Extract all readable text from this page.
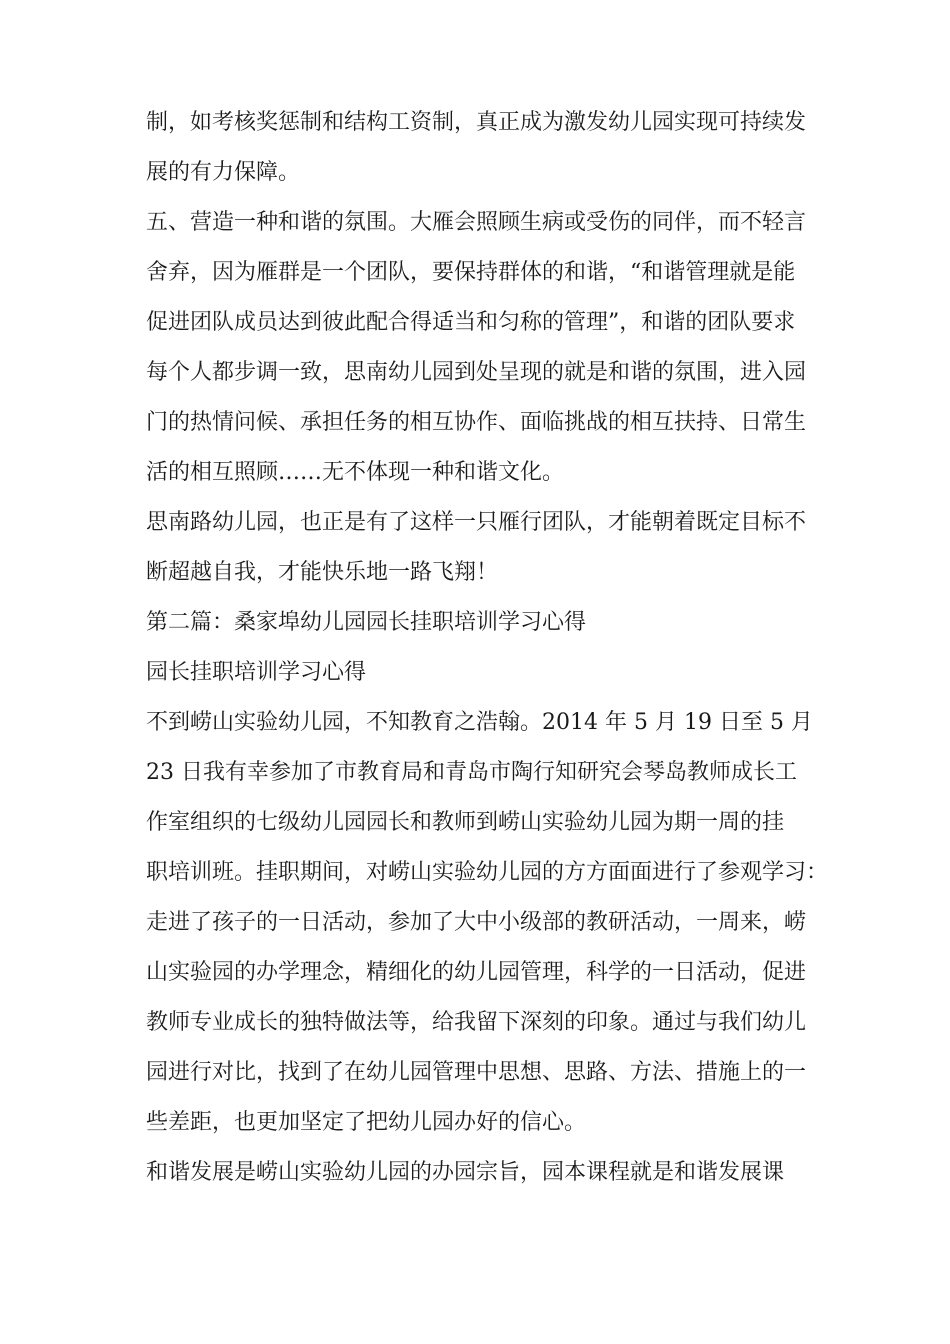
制，如考核奖惩制和结构工资制，真正成为激发幼儿园实现可持续发
展的有力保障。
五、营造一种和谐的氛围。大雁会照顾生病或受伤的同伴，而不轻言
舍弃，因为雁群是一个团队，要保持群体的和谐，“和谐管理就是能
促进团队成员达到彼此配合得适当和匀称的管理”，和谐的团队要求
每个人都步调一致，思南幼儿园到处呈现的就是和谐的氛围，进入园
门的热情问候、承担任务的相互协作、面临挑战的相互扶持、日常生
活的相互照顾……无不体现一种和谐文化。
思南路幼儿园，也正是有了这样一只雁行团队，才能朝着既定目标不
断超越自我，才能快乐地一路飞翔！
第二篇：桑家埠幼儿园园长挂职培训学习心得
园长挂职培训学习心得
不到崂山实验幼儿园，不知教育之浩翰。2014 年 5 月 19 日至 5 月
23 日我有幸参加了市教育局和青岛市陶行知研究会琴岛教师成长工
作室组织的七级幼儿园园长和教师到崂山实验幼儿园为期一周的挂
职培训班。挂职期间，对崂山实验幼儿园的方方面面进行了参观学习：
走进了孩子的一日活动，参加了大中小级部的教研活动，一周来，崂
山实验园的办学理念，精细化的幼儿园管理，科学的一日活动，促进
教师专业成长的独特做法等，给我留下深刻的印象。通过与我们幼儿
园进行对比，找到了在幼儿园管理中思想、思路、方法、措施上的一
些差距，也更加坚定了把幼儿园办好的信心。
和谐发展是崂山实验幼儿园的办园宗旨，园本课程就是和谐发展课
